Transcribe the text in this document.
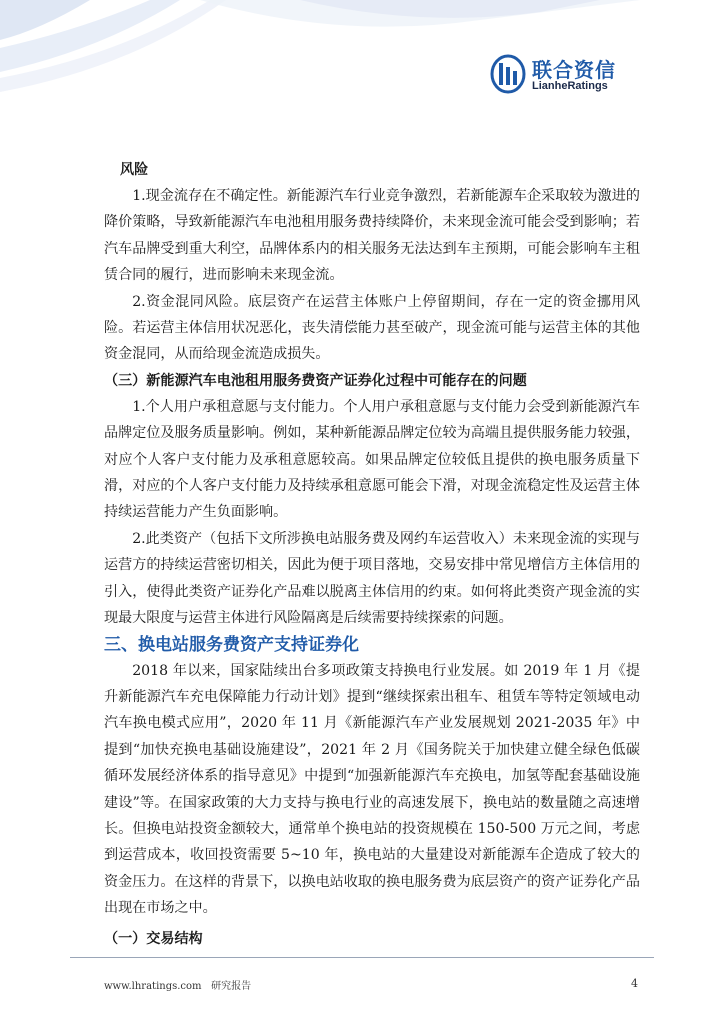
联合资信
LianheRatings

风险

1.现金流存在不确定性。新能源汽车行业竞争激烈，若新能源车企采取较为激进的降价策略，导致新能源汽车电池租用服务费持续降价，未来现金流可能会受到影响；若汽车品牌受到重大利空，品牌体系内的相关服务无法达到车主预期，可能会影响车主租赁合同的履行，进而影响未来现金流。

2.资金混同风险。底层资产在运营主体账户上停留期间，存在一定的资金挪用风险。若运营主体信用状况恶化，丧失清偿能力甚至破产，现金流可能与运营主体的其他资金混同，从而给现金流造成损失。

（三）新能源汽车电池租用服务费资产证券化过程中可能存在的问题

1.个人用户承租意愿与支付能力。个人用户承租意愿与支付能力会受到新能源汽车品牌定位及服务质量影响。例如，某种新能源品牌定位较为高端且提供服务能力较强，对应个人客户支付能力及承租意愿较高。如果品牌定位较低且提供的换电服务质量下滑，对应的个人客户支付能力及持续承租意愿可能会下滑，对现金流稳定性及运营主体持续运营能力产生负面影响。

2.此类资产（包括下文所涉换电站服务费及网约车运营收入）未来现金流的实现与运营方的持续运营密切相关，因此为便于项目落地，交易安排中常见增信方主体信用的引入，使得此类资产证券化产品难以脱离主体信用的约束。如何将此类资产现金流的实现最大限度与运营主体进行风险隔离是后续需要持续探索的问题。

三、换电站服务费资产支持证券化

2018 年以来，国家陆续出台多项政策支持换电行业发展。如 2019 年 1 月《提升新能源汽车充电保障能力行动计划》提到“继续探索出租车、租赁车等特定领域电动汽车换电模式应用”，2020 年 11 月《新能源汽车产业发展规划 2021-2035 年》中提到“加快充换电基础设施建设”，2021 年 2 月《国务院关于加快建立健全绿色低碳循环发展经济体系的指导意见》中提到“加强新能源汽车充换电，加氢等配套基础设施建设”等。在国家政策的大力支持与换电行业的高速发展下，换电站的数量随之高速增长。但换电站投资金额较大，通常单个换电站的投资规模在 150-500 万元之间，考虑到运营成本，收回投资需要 5~10 年，换电站的大量建设对新能源车企造成了较大的资金压力。在这样的背景下，以换电站收取的换电服务费为底层资产的资产证券化产品出现在市场之中。

（一）交易结构

www.lhratings.com 研究报告	4
